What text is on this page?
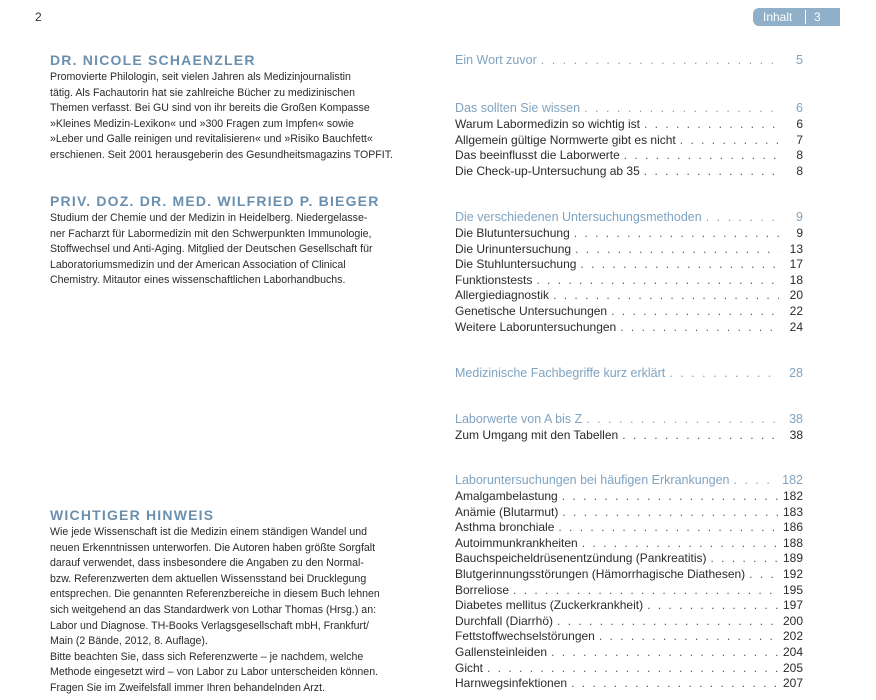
2	Inhalt	3
DR. NICOLE SCHAENZLER
Promovierte Philologin, seit vielen Jahren als Medizinjournalistin
tätig. Als Fachautorin hat sie zahlreiche Bücher zu medizinischen
Themen verfasst. Bei GU sind von ihr bereits die Großen Kompasse
»Kleines Medizin-Lexikon« und »300 Fragen zum Impfen« sowie
»Leber und Galle reinigen und revitalisieren« und »Risiko Bauchfett«
erschienen. Seit 2001 herausgeberin des Gesundheitsmagazins TOPFIT.
PRIV. DOZ. DR. MED. WILFRIED P. BIEGER
Studium der Chemie und der Medizin in Heidelberg. Niedergelasse-
ner Facharzt für Labormedizin mit den Schwerpunkten Immunologie,
Stoffwechsel und Anti-Aging. Mitglied der Deutschen Gesellschaft für
Laboratoriumsmedizin und der American Association of Clinical
Chemistry. Mitautor eines wissenschaftlichen Laborhandbuchs.
WICHTIGER HINWEIS
Wie jede Wissenschaft ist die Medizin einem ständigen Wandel und
neuen Erkenntnissen unterworfen. Die Autoren haben größte Sorgfalt
darauf verwendet, dass insbesondere die Angaben zu den Normal-
bzw. Referenzwerten dem aktuellen Wissensstand bei Drucklegung
entsprechen. Die genannten Referenzbereiche in diesem Buch lehnen
sich weitgehend an das Standardwerk von Lothar Thomas (Hrsg.) an:
Labor und Diagnose. TH-Books Verlagsgesellschaft mbH, Frankfurt/
Main (2 Bände, 2012, 8. Auflage).
Bitte beachten Sie, dass sich Referenzwerte – je nachdem, welche
Methode eingesetzt wird – von Labor zu Labor unterscheiden können.
Fragen Sie im Zweifelsfall immer Ihren behandelnden Arzt.
Ein Wort zuvor . . .	5
Das sollten Sie wissen . . .	6
Warum Labormedizin so wichtig ist . . .	6
Allgemein gültige Normwerte gibt es nicht . . .	7
Das beeinflusst die Laborwerte . . .	8
Die Check-up-Untersuchung ab 35 . . .	8
Die verschiedenen Untersuchungsmethoden . . .	9
Die Blutuntersuchung . . .	9
Die Urinuntersuchung . . .	13
Die Stuhluntersuchung . . .	17
Funktionstests . . .	18
Allergiediagnostik . . .	20
Genetische Untersuchungen . . .	22
Weitere Laboruntersuchungen . . .	24
Medizinische Fachbegriffe kurz erklärt . . .	28
Laborwerte von A bis Z . . .	38
Zum Umgang mit den Tabellen . . .	38
Laboruntersuchungen bei häufigen Erkrankungen . . .	182
Amalgambelastung . . .	182
Anämie (Blutarmut) . . .	183
Asthma bronchiale . . .	186
Autoimmunkrankheiten . . .	188
Bauchspeicheldrüsenentzündung (Pankreatitis) . . .	189
Blutgerinnungsstörungen (Hämorrhagische Diathesen) . . .	192
Borreliose . . .	195
Diabetes mellitus (Zuckerkrankheit) . . .	197
Durchfall (Diarrhö) . . .	200
Fettstoffwechselstörungen . . .	202
Gallensteinleiden . . .	204
Gicht . . .	205
Harnwegsinfektionen . . .	207
